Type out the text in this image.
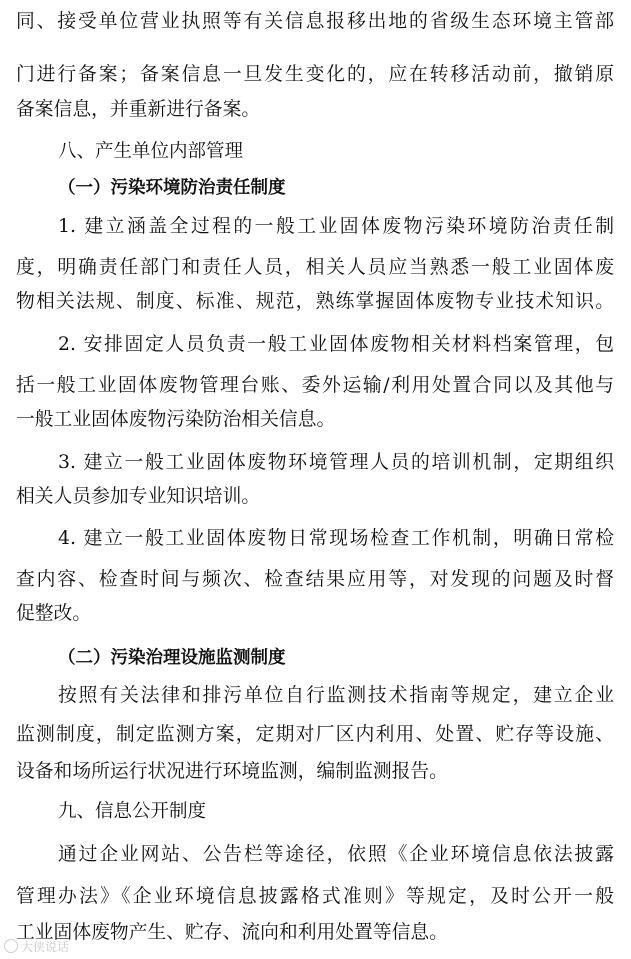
同、接受单位营业执照等有关信息报移出地的省级生态环境主管部
门进行备案；备案信息一旦发生变化的，应在转移活动前，撤销原
备案信息，并重新进行备案。
八、产生单位内部管理
（一）污染环境防治责任制度
1. 建立涵盖全过程的一般工业固体废物污染环境防治责任制
度，明确责任部门和责任人员，相关人员应当熟悉一般工业固体废
物相关法规、制度、标准、规范，熟练掌握固体废物专业技术知识。
2. 安排固定人员负责一般工业固体废物相关材料档案管理，包
括一般工业固体废物管理台账、委外运输/利用处置合同以及其他与
一般工业固体废物污染防治相关信息。
3. 建立一般工业固体废物环境管理人员的培训机制，定期组织
相关人员参加专业知识培训。
4. 建立一般工业固体废物日常现场检查工作机制，明确日常检
查内容、检查时间与频次、检查结果应用等，对发现的问题及时督
促整改。
（二）污染治理设施监测制度
按照有关法律和排污单位自行监测技术指南等规定，建立企业
监测制度，制定监测方案，定期对厂区内利用、处置、贮存等设施、
设备和场所运行状况进行环境监测，编制监测报告。
九、信息公开制度
通过企业网站、公告栏等途径，依照《企业环境信息依法披露
管理办法》《企业环境信息披露格式准则》等规定，及时公开一般
工业固体废物产生、贮存、流向和利用处置等信息。
大侠说话
